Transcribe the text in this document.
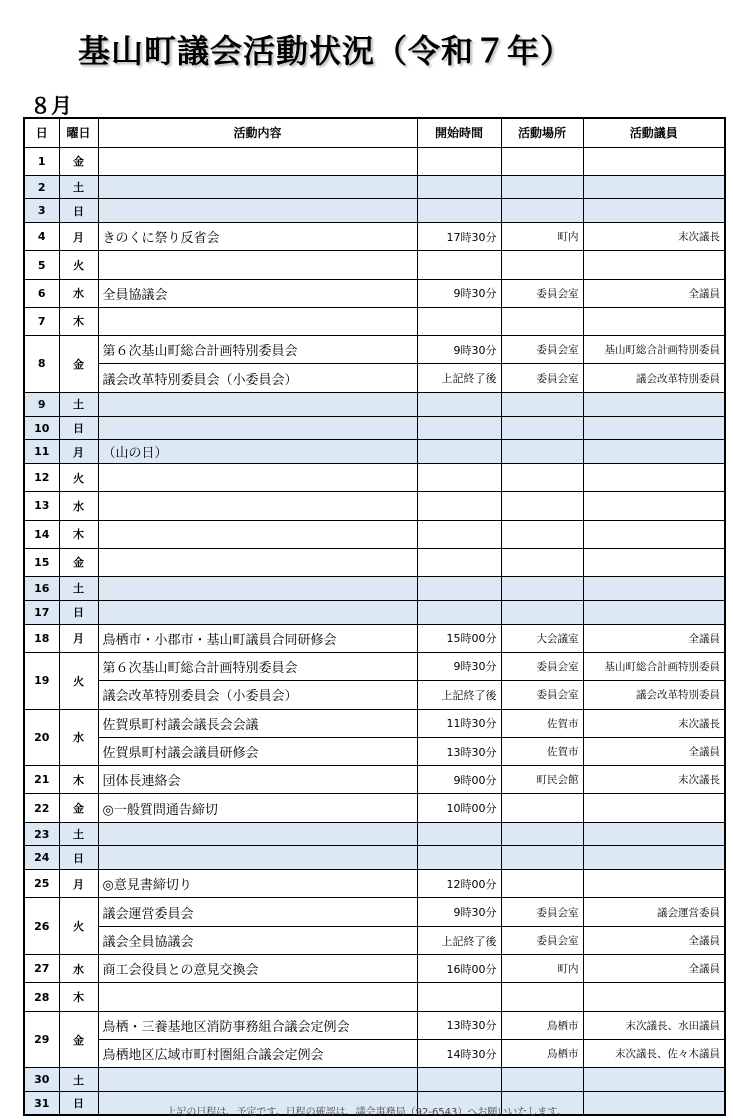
基山町議会活動状況（令和７年）
８月
日	曜日	活動内容	開始時間	活動場所	活動議員
1	金				
2	土				
3	日				
4	月	きのくに祭り反省会	17時30分	町内	末次議長
5	火				
6	水	全員協議会	9時30分	委員会室	全議員
7	木				
8	金	第６次基山町総合計画特別委員会	9時30分	委員会室	基山町総合計画特別委員
		議会改革特別委員会（小委員会）	上記終了後	委員会室	議会改革特別委員
9	土				
10	日				
11	月	（山の日）			
12	火				
13	水				
14	木				
15	金				
16	土				
17	日				
18	月	鳥栖市・小郡市・基山町議員合同研修会	15時00分	大会議室	全議員
19	火	第６次基山町総合計画特別委員会	9時30分	委員会室	基山町総合計画特別委員
		議会改革特別委員会（小委員会）	上記終了後	委員会室	議会改革特別委員
20	水	佐賀県町村議会議長会会議	11時30分	佐賀市	末次議長
		佐賀県町村議会議員研修会	13時30分	佐賀市	全議員
21	木	団体長連絡会	9時00分	町民会館	末次議長
22	金	◎一般質問通告締切	10時00分		
23	土				
24	日				
25	月	◎意見書締切り	12時00分		
26	火	議会運営委員会	9時30分	委員会室	議会運営委員
		議会全員協議会	上記終了後	委員会室	全議員
27	水	商工会役員との意見交換会	16時00分	町内	全議員
28	木				
29	金	鳥栖・三養基地区消防事務組合議会定例会	13時30分	鳥栖市	末次議長、水田議員
		鳥栖地区広域市町村圏組合議会定例会	14時30分	鳥栖市	末次議長、佐々木議員
30	土				
31	日				
上記の日程は、予定です。日程の確認は、議会事務局（92-6543）へお願いいたします。
